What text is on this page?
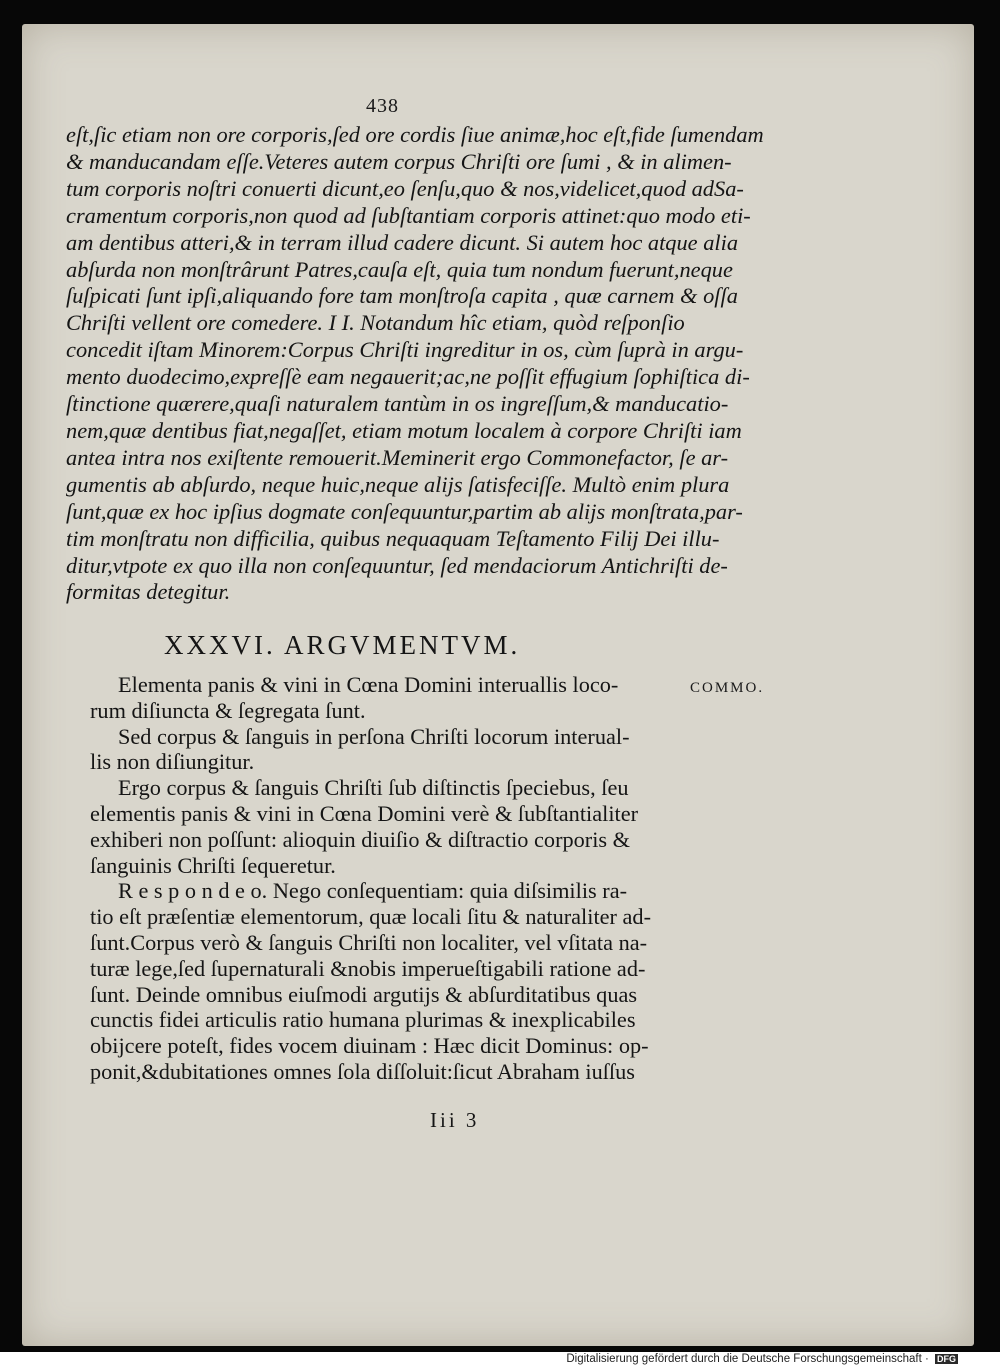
438
eſt,ſic etiam non ore corporis,ſed ore cordis ſiue animæ,hoc eſt,fide ſumendam
& manducandam eſſe.Veteres autem corpus Chriſti ore ſumi , & in alimen-
tum corporis noſtri conuerti dicunt,eo ſenſu,quo & nos,videlicet,quod adSa-
cramentum corporis,non quod ad ſubſtantiam corporis attinet:quo modo eti-
am dentibus atteri,& in terram illud cadere dicunt. Si autem hoc atque alia
abſurda non monſtrârunt Patres,cauſa eſt, quia tum nondum fuerunt,neque
ſuſpicati ſunt ipſi,aliquando fore tam monſtroſa capita , quæ carnem & oſſa
Chriſti vellent ore comedere. I I. Notandum hîc etiam, quòd reſponſio
concedit iſtam Minorem:Corpus Chriſti ingreditur in os, cùm ſuprà in argu-
mento duodecimo,expreſſè eam negauerit;ac,ne poſſit effugium ſophiſtica di-
ſtinctione quærere,quaſi naturalem tantùm in os ingreſſum,& manducatio-
nem,quæ dentibus fiat,negaſſet, etiam motum localem à corpore Chriſti iam
antea intra nos exiſtente remouerit.Meminerit ergo Commonefactor, ſe ar-
gumentis ab abſurdo, neque huic,neque alijs ſatisfeciſſe. Multò enim plura
ſunt,quæ ex hoc ipſius dogmate conſequuntur,partim ab alijs monſtrata,par-
tim monſtratu non difficilia, quibus nequaquam Teſtamento Filij Dei illu-
ditur,vtpote ex quo illa non conſequuntur, ſed mendaciorum Antichriſti de-
formitas detegitur.
XXXVI. ARGVMENTVM.
COMMO.
Elementa panis & vini in Cœna Domini interuallis loco-
rum diſiuncta & ſegregata ſunt.
Sed corpus & ſanguis in perſona Chriſti locorum interual-
lis non diſiungitur.
Ergo corpus & ſanguis Chriſti ſub diſtinctis ſpeciebus, ſeu
elementis panis & vini in Cœna Domini verè & ſubſtantialiter
exhiberi non poſſunt: alioquin diuiſio & diſtractio corporis &
ſanguinis Chriſti ſequeretur.
R e s p o n d e o. Nego conſequentiam: quia diſsimilis ra-
tio eſt præſentiæ elementorum, quæ locali ſitu & naturaliter ad-
ſunt.Corpus verò & ſanguis Chriſti non localiter, vel vſitata na-
turæ lege,ſed ſupernaturali &nobis imperueſtigabili ratione ad-
ſunt. Deinde omnibus eiuſmodi argutijs & abſurditatibus quas
cunctis fidei articulis ratio humana plurimas & inexplicabiles
obijcere poteſt, fides vocem diuinam : Hæc dicit Dominus: op-
ponit,&dubitationes omnes ſola diſſoluit:ſicut Abraham iuſſus
Iii 3
Digitalisierung gefördert durch die Deutsche Forschungsgemeinschaft · DFG
